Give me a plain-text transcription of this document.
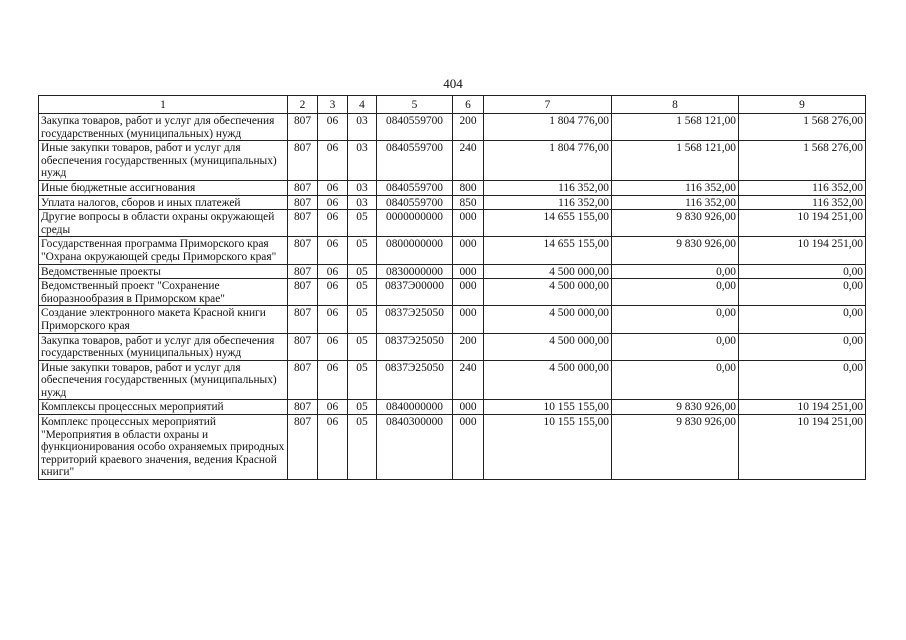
404
1	2	3	4	5	6	7	8	9
Закупка товаров, работ и услуг для обеспечения государственных (муниципальных) нужд	807	06	03	0840559700	200	1 804 776,00	1 568 121,00	1 568 276,00
Иные закупки товаров, работ и услуг для обеспечения государственных (муниципальных) нужд	807	06	03	0840559700	240	1 804 776,00	1 568 121,00	1 568 276,00
Иные бюджетные ассигнования	807	06	03	0840559700	800	116 352,00	116 352,00	116 352,00
Уплата налогов, сборов и иных платежей	807	06	03	0840559700	850	116 352,00	116 352,00	116 352,00
Другие вопросы в области охраны окружающей среды	807	06	05	0000000000	000	14 655 155,00	9 830 926,00	10 194 251,00
Государственная программа Приморского края "Охрана окружающей среды Приморского края"	807	06	05	0800000000	000	14 655 155,00	9 830 926,00	10 194 251,00
Ведомственные проекты	807	06	05	0830000000	000	4 500 000,00	0,00	0,00
Ведомственный проект "Сохранение биоразнообразия в Приморском крае"	807	06	05	0837Э00000	000	4 500 000,00	0,00	0,00
Создание электронного макета Красной книги Приморского края	807	06	05	0837Э25050	000	4 500 000,00	0,00	0,00
Закупка товаров, работ и услуг для обеспечения государственных (муниципальных) нужд	807	06	05	0837Э25050	200	4 500 000,00	0,00	0,00
Иные закупки товаров, работ и услуг для обеспечения государственных (муниципальных) нужд	807	06	05	0837Э25050	240	4 500 000,00	0,00	0,00
Комплексы процессных мероприятий	807	06	05	0840000000	000	10 155 155,00	9 830 926,00	10 194 251,00
Комплекс процессных мероприятий "Мероприятия в области охраны и функционирования особо охраняемых природных территорий краевого значения, ведения Красной книги"	807	06	05	0840300000	000	10 155 155,00	9 830 926,00	10 194 251,00
